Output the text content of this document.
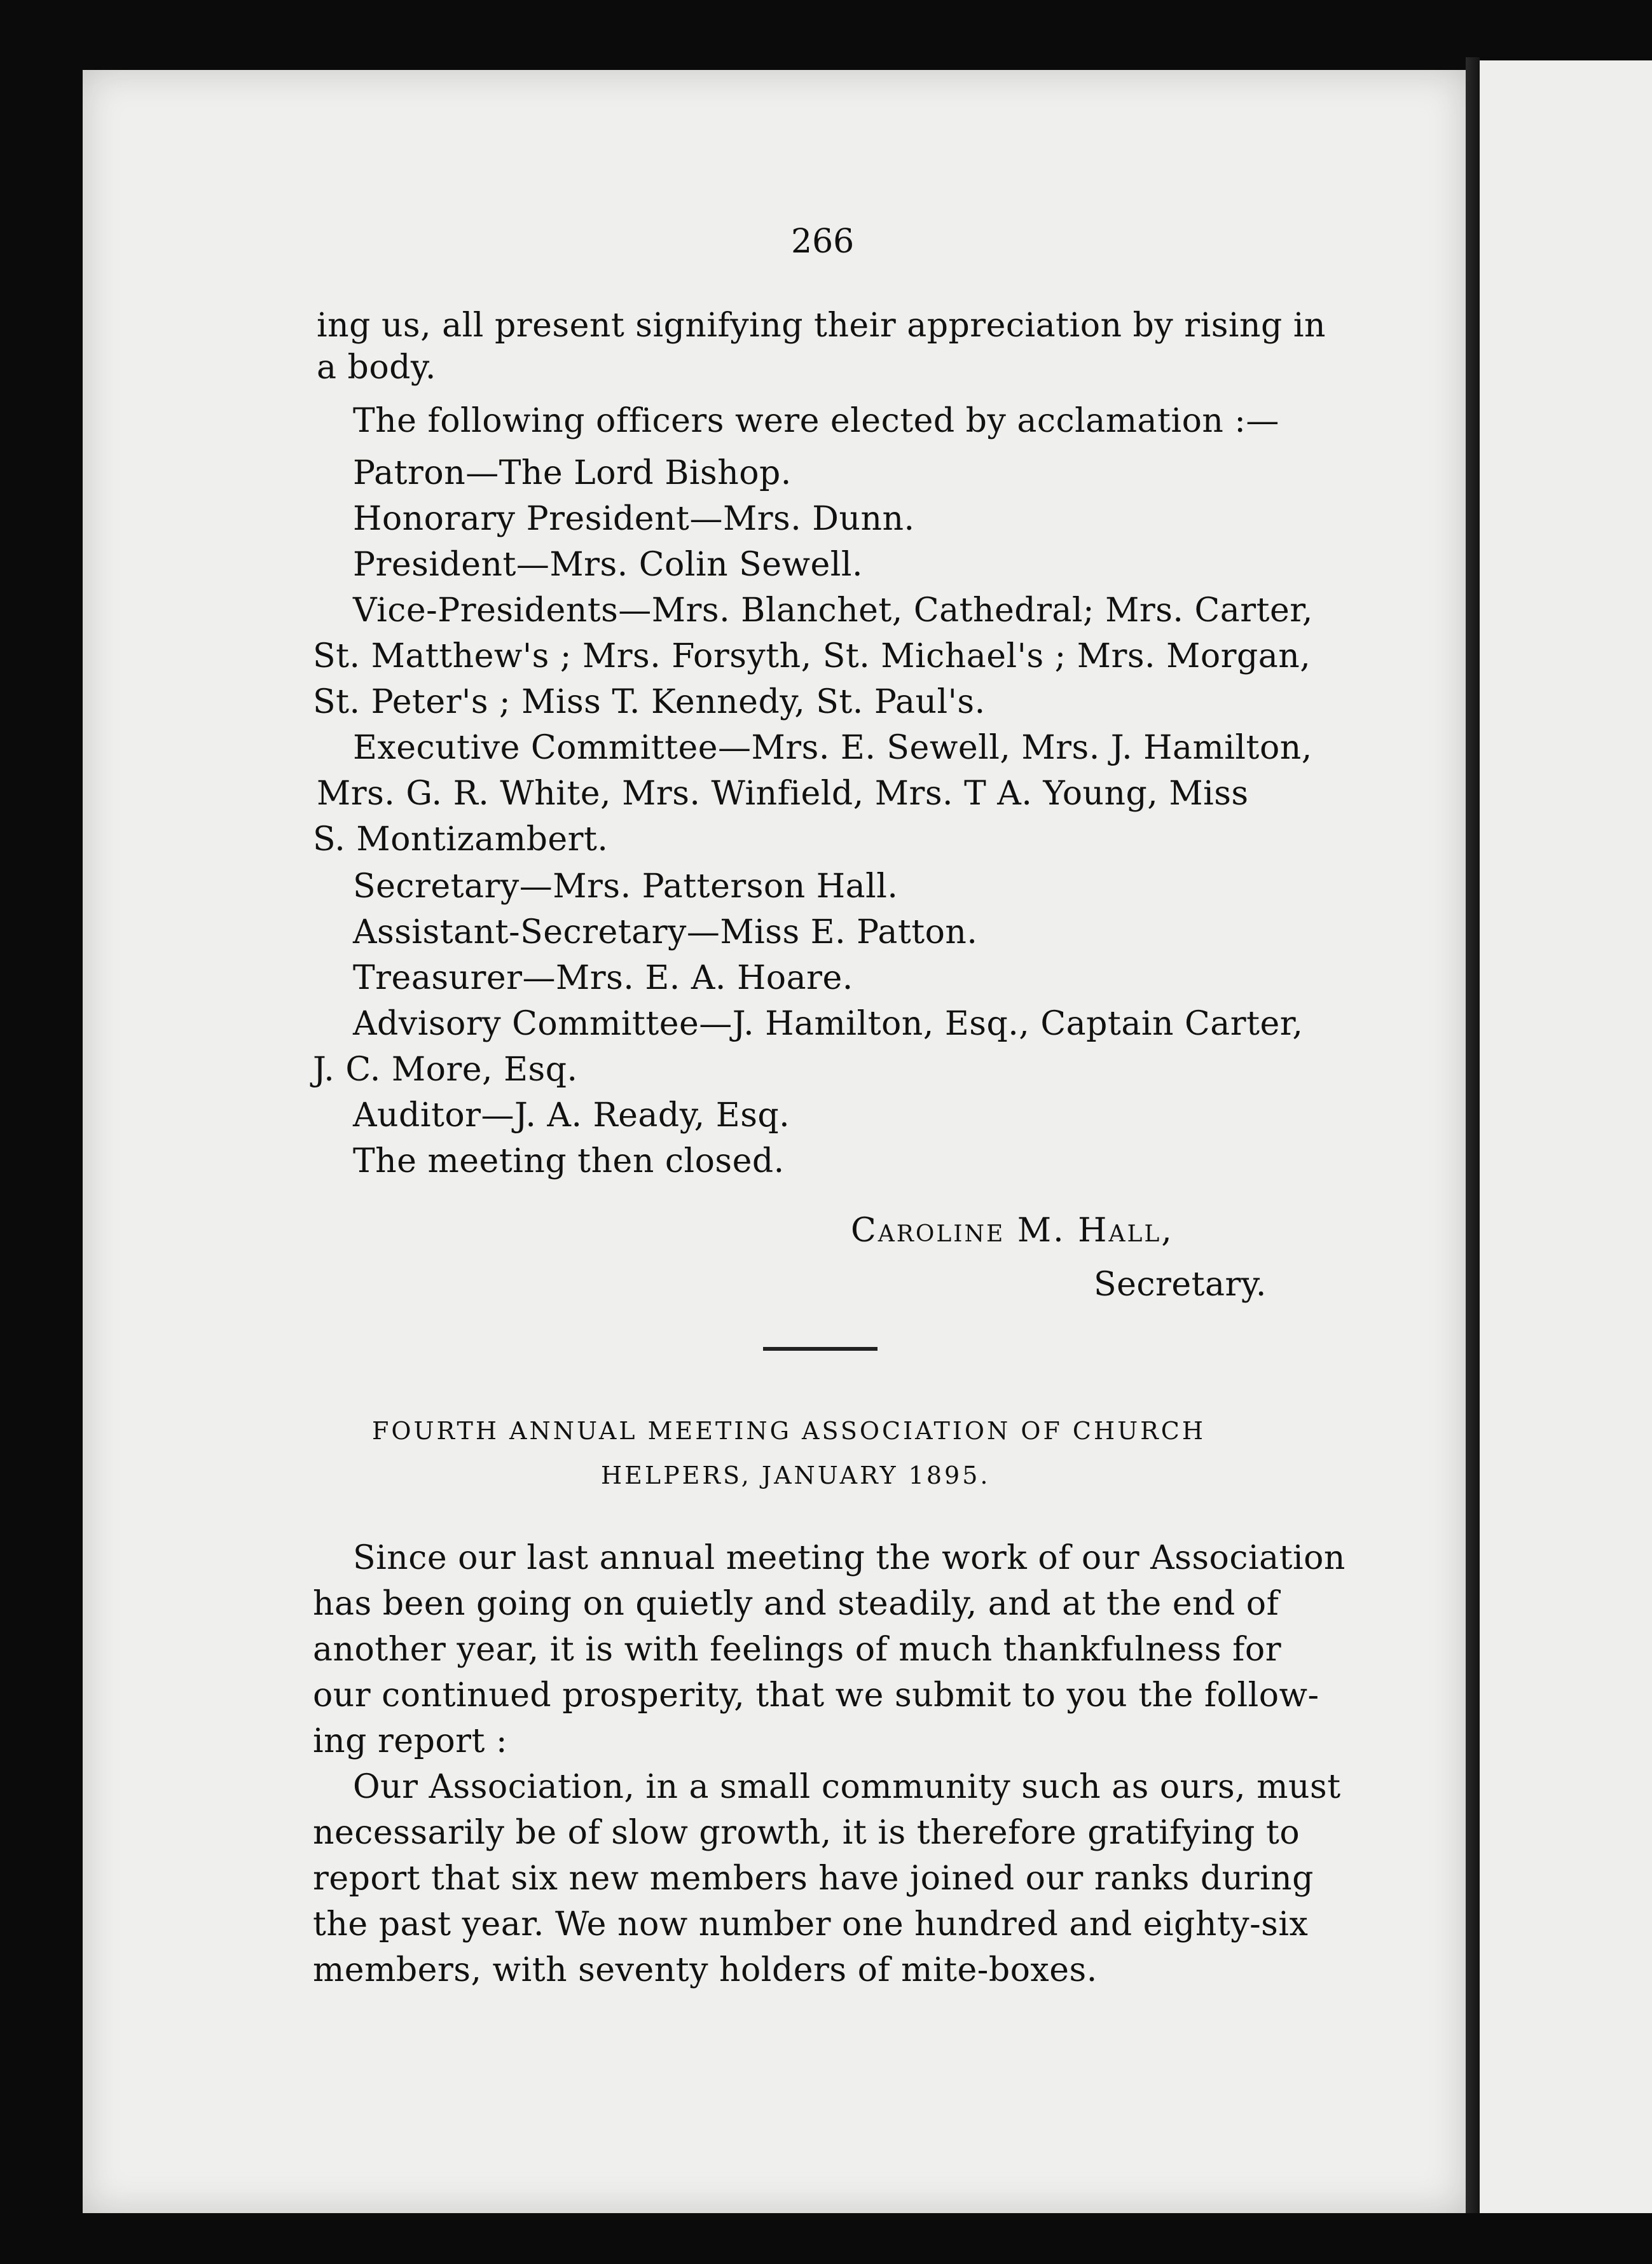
266
ing us, all present signifying their appreciation by rising in
a body.
The following officers were elected by acclamation :—
Patron—The Lord Bishop.
Honorary President—Mrs. Dunn.
President—Mrs. Colin Sewell.
Vice-Presidents—Mrs. Blanchet, Cathedral; Mrs. Carter,
St. Matthew's ; Mrs. Forsyth, St. Michael's ; Mrs. Morgan,
St. Peter's ; Miss T. Kennedy, St. Paul's.
Executive Committee—Mrs. E. Sewell, Mrs. J. Hamilton,
Mrs. G. R. White, Mrs. Winfield, Mrs. T A. Young, Miss
S. Montizambert.
Secretary—Mrs. Patterson Hall.
Assistant-Secretary—Miss E. Patton.
Treasurer—Mrs. E. A. Hoare.
Advisory Committee—J. Hamilton, Esq., Captain Carter,
J. C. More, Esq.
Auditor—J. A. Ready, Esq.
The meeting then closed.
Caroline M. Hall,
Secretary.
FOURTH ANNUAL MEETING ASSOCIATION OF CHURCH
HELPERS, JANUARY 1895.
Since our last annual meeting the work of our Association
has been going on quietly and steadily, and at the end of
another year, it is with feelings of much thankfulness for
our continued prosperity, that we submit to you the follow-
ing report :
Our Association, in a small community such as ours, must
necessarily be of slow growth, it is therefore gratifying to
report that six new members have joined our ranks during
the past year. We now number one hundred and eighty-six
members, with seventy holders of mite-boxes.
